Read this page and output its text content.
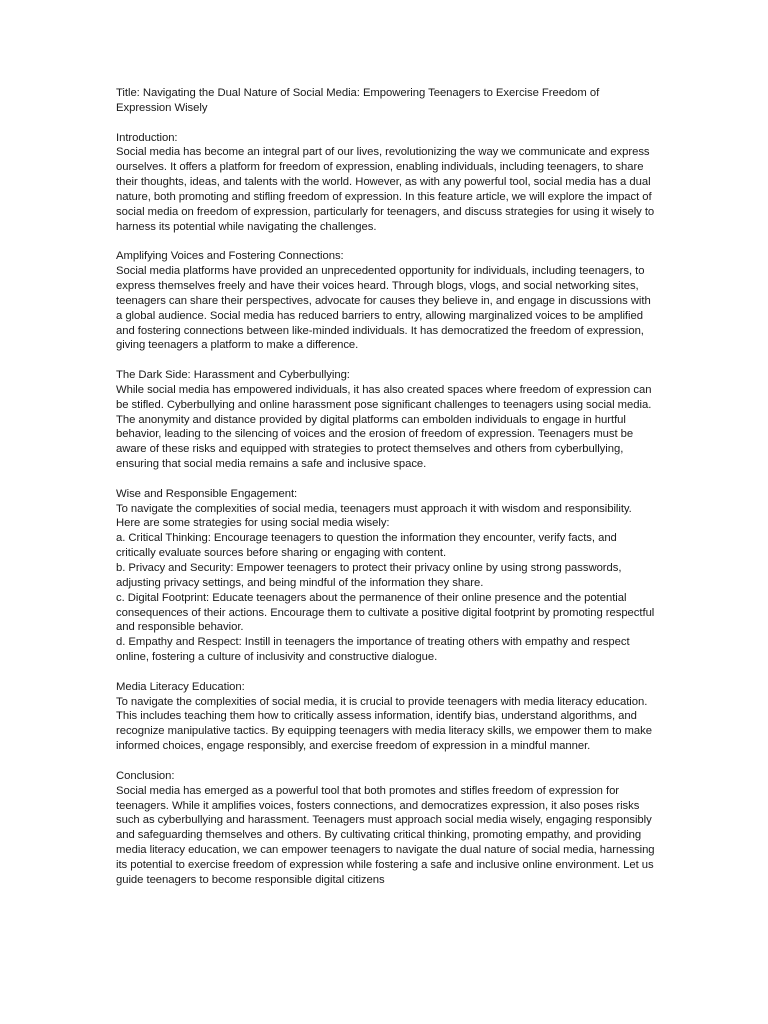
Title: Navigating the Dual Nature of Social Media: Empowering Teenagers to Exercise Freedom of Expression Wisely
Introduction:
Social media has become an integral part of our lives, revolutionizing the way we communicate and express ourselves. It offers a platform for freedom of expression, enabling individuals, including teenagers, to share their thoughts, ideas, and talents with the world. However, as with any powerful tool, social media has a dual nature, both promoting and stifling freedom of expression. In this feature article, we will explore the impact of social media on freedom of expression, particularly for teenagers, and discuss strategies for using it wisely to harness its potential while navigating the challenges.
Amplifying Voices and Fostering Connections:
Social media platforms have provided an unprecedented opportunity for individuals, including teenagers, to express themselves freely and have their voices heard. Through blogs, vlogs, and social networking sites, teenagers can share their perspectives, advocate for causes they believe in, and engage in discussions with a global audience. Social media has reduced barriers to entry, allowing marginalized voices to be amplified and fostering connections between like-minded individuals. It has democratized the freedom of expression, giving teenagers a platform to make a difference.
The Dark Side: Harassment and Cyberbullying:
While social media has empowered individuals, it has also created spaces where freedom of expression can be stifled. Cyberbullying and online harassment pose significant challenges to teenagers using social media. The anonymity and distance provided by digital platforms can embolden individuals to engage in hurtful behavior, leading to the silencing of voices and the erosion of freedom of expression. Teenagers must be aware of these risks and equipped with strategies to protect themselves and others from cyberbullying, ensuring that social media remains a safe and inclusive space.
Wise and Responsible Engagement:
To navigate the complexities of social media, teenagers must approach it with wisdom and responsibility. Here are some strategies for using social media wisely:
a. Critical Thinking: Encourage teenagers to question the information they encounter, verify facts, and critically evaluate sources before sharing or engaging with content.
b. Privacy and Security: Empower teenagers to protect their privacy online by using strong passwords, adjusting privacy settings, and being mindful of the information they share.
c. Digital Footprint: Educate teenagers about the permanence of their online presence and the potential consequences of their actions. Encourage them to cultivate a positive digital footprint by promoting respectful and responsible behavior.
d. Empathy and Respect: Instill in teenagers the importance of treating others with empathy and respect online, fostering a culture of inclusivity and constructive dialogue.
Media Literacy Education:
To navigate the complexities of social media, it is crucial to provide teenagers with media literacy education. This includes teaching them how to critically assess information, identify bias, understand algorithms, and recognize manipulative tactics. By equipping teenagers with media literacy skills, we empower them to make informed choices, engage responsibly, and exercise freedom of expression in a mindful manner.
Conclusion:
Social media has emerged as a powerful tool that both promotes and stifles freedom of expression for teenagers. While it amplifies voices, fosters connections, and democratizes expression, it also poses risks such as cyberbullying and harassment. Teenagers must approach social media wisely, engaging responsibly and safeguarding themselves and others. By cultivating critical thinking, promoting empathy, and providing media literacy education, we can empower teenagers to navigate the dual nature of social media, harnessing its potential to exercise freedom of expression while fostering a safe and inclusive online environment. Let us guide teenagers to become responsible digital citizens
